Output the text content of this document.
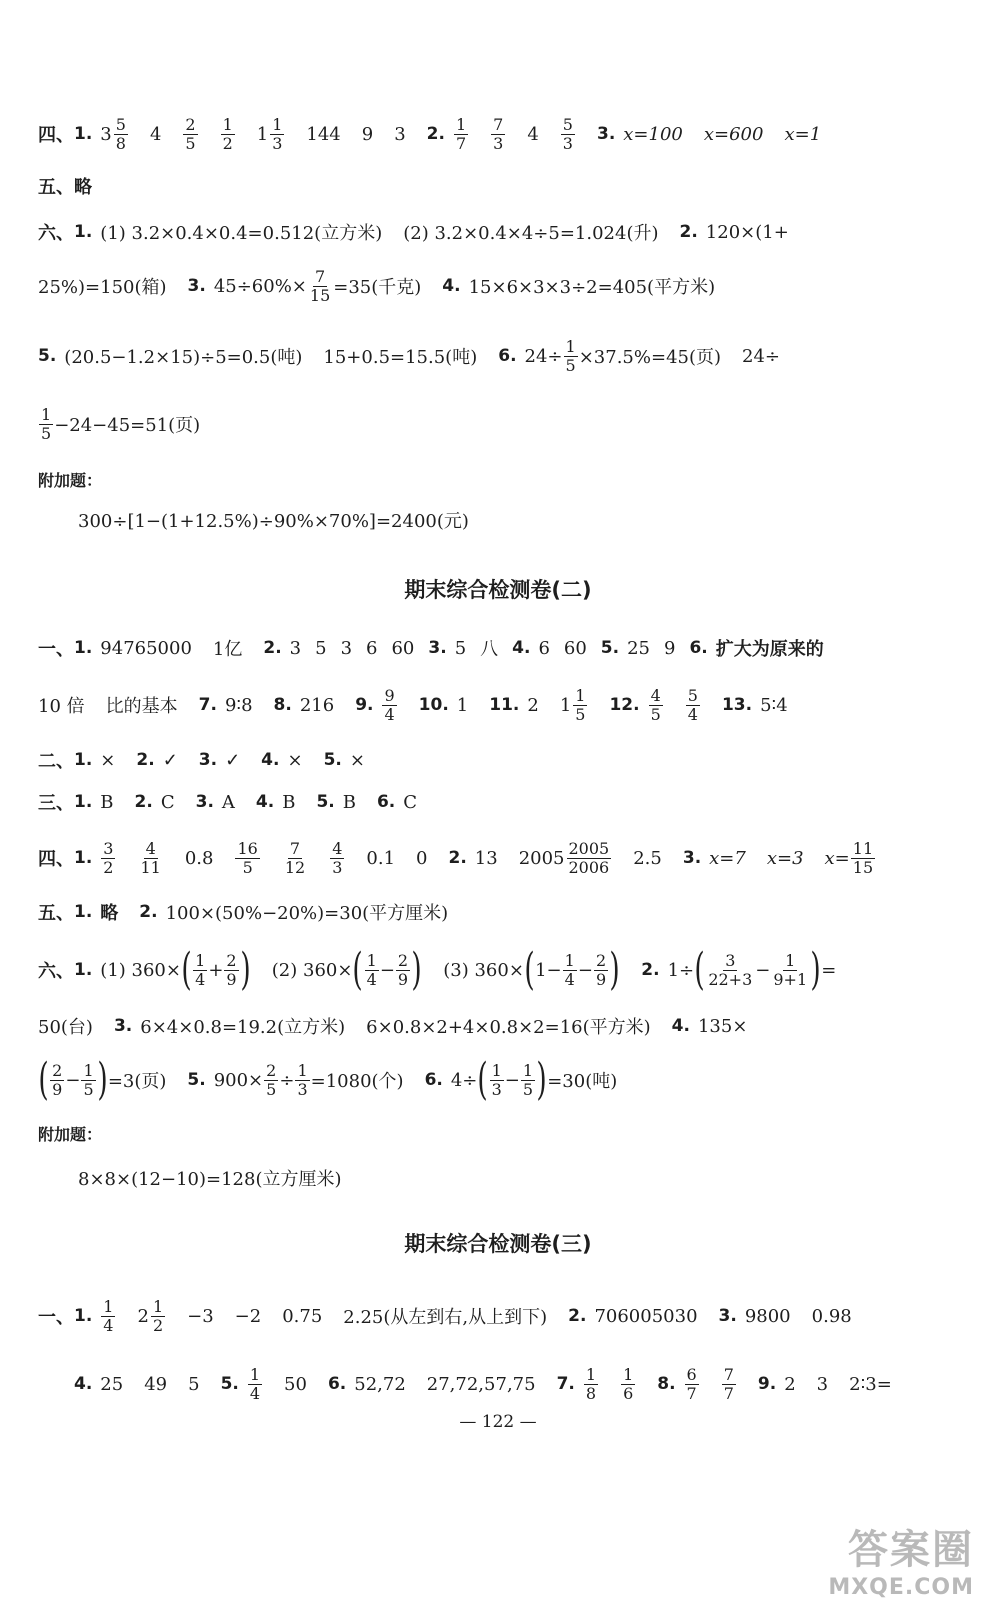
四、 1. $3 \frac{5}{8} 4 \frac{2}{5} \frac{1}{2} 1 \frac{1}{3} 144$ 9 3 2. $\frac{1}{7} \frac{7}{3} 4 \frac{5}{3} 3$. x=100 x=600 x=1
五、 略
六、 1. (1) 3.2×0.4×0.4=0.512(立方米) (2) 3.2×0.4×4÷5=1.024(升) 2. 120×(1+
25%)=150(箱) 3. $45\div 60\%\times \frac{7}{15} =35$(千克) 4. 15×6×3×3÷2=405(平方米)
5. (20.5−1.2×15)÷5=0.5(吨) 15+0.5=15.5(吨) 6. $24\div \frac{1}{5} \times 37.5\%=45$(页) 24÷
$\frac{1}{5} -24-45=51$(页)
附加题：
300÷[1−(1+12.5%)÷90%×70%]=2400(元)
期末综合检测卷(二)
一、 1. 94765000 1亿 2. 3 5 3 6 60 3. 5 八 4. 6 60 5. 25 9 6. 扩大为原来的
10 倍 比的基本 7. 9∶8 8. 216 9. $\frac{9}{4} 10$. 1 11. 2 $1 \frac{1}{5} 12$. $\frac{4}{5} \frac{5}{4} 13$. 5∶4
二、 1. × 2. ✓ 3. ✓ 4. × 5. ×
三、 1. B 2. C 3. A 4. B 5. B 6. C
四、 1. $\frac{3}{2} \frac{4}{11} 0.8 \frac{16}{5} \frac{7}{12} \frac{4}{3} 0.1$ 0 2. 13 $2005 \frac{2005}{2006} 2.5$ 3. x=7 x=3 $x= \frac{11}{15}$
五、 1. 略 2. 100×(50%−20%)=30(平方厘米)
六、 1. (1) 360× ( $\frac{1}{4} + \frac{2}{9}$ ) (2) 360× ( $\frac{1}{4} - \frac{2}{9}$ ) (3) 360× ( $1- \frac{1}{4} - \frac{2}{9}$ ) 2. 1÷ ( $\frac{3}{22+3} - \frac{1}{9+1}$ ) =
50(台) 3. 6×4×0.8=19.2(立方米) 6×0.8×2+4×0.8×2=16(平方米) 4. 135×
( $\frac{2}{9} - \frac{1}{5}$ ) =3(页) 5. $900\times \frac{2}{5} \div \frac{1}{3} =1080$(个) 6. 4÷ ( $\frac{1}{3} - \frac{1}{5}$ ) =30(吨)
附加题：
8×8×(12−10)=128(立方厘米)
期末综合检测卷(三)
一、 1. $\frac{1}{4} 2 \frac{1}{2} -3 -2$ 0.75 2.25(从左到右,从上到下) 2. 706005030 3. 9800 0.98
4. 25 49 5 5. $\frac{1}{4} 50$ 6. 52,72 27,72,57,75 7. $\frac{1}{8} \frac{1}{6} 8$. $\frac{6}{7} \frac{7}{7} 9$. 2 3 2∶3=
— 122 —
答案圈
MXQE.COM
